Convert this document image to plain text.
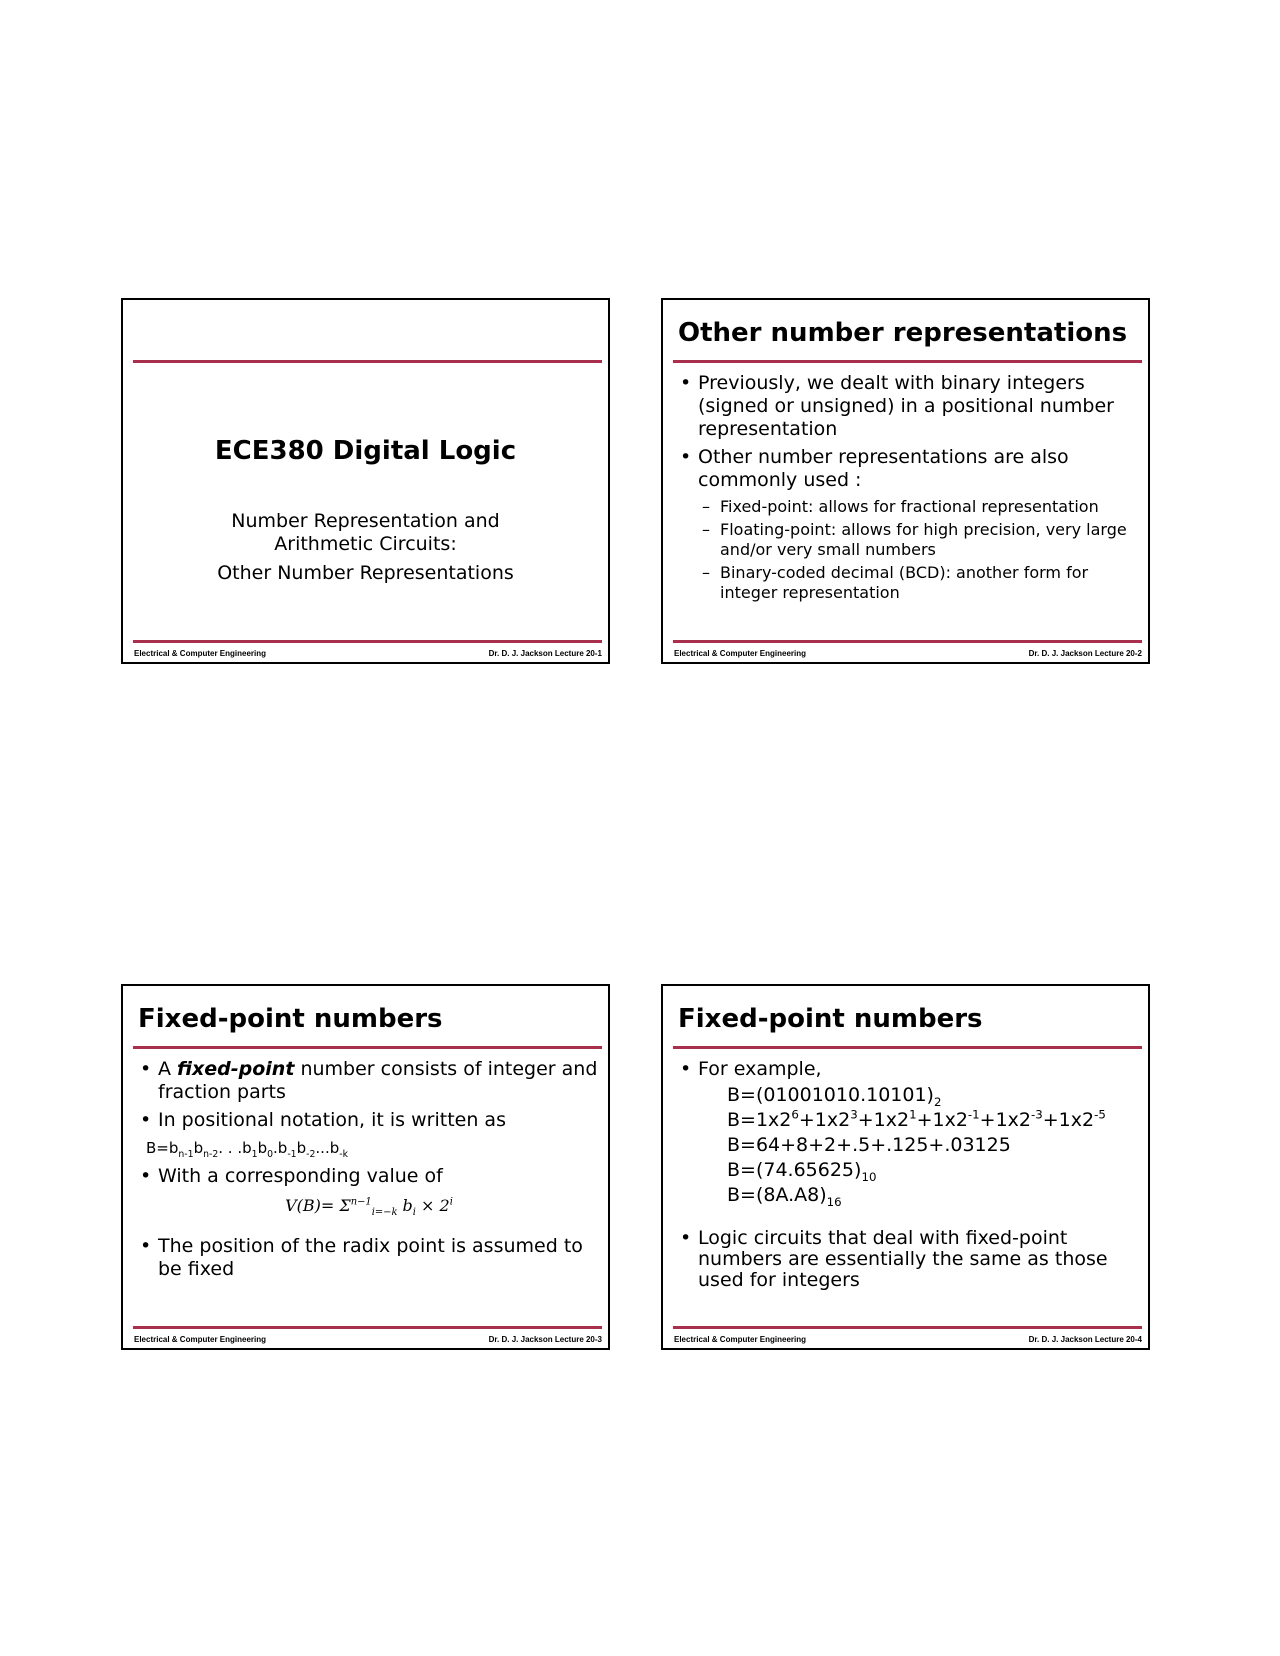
ECE380 Digital Logic
Number Representation and
Arithmetic Circuits:
Other Number Representations
Electrical & Computer Engineering	Dr. D. J. Jackson Lecture 20-1
Other number representations
• Previously, we dealt with binary integers (signed or unsigned) in a positional number representation
• Other number representations are also commonly used :
– Fixed-point: allows for fractional representation
– Floating-point: allows for high precision, very large and/or very small numbers
– Binary-coded decimal (BCD): another form for integer representation
Electrical & Computer Engineering	Dr. D. J. Jackson Lecture 20-2
Fixed-point numbers
• A fixed-point number consists of integer and fraction parts
• In positional notation, it is written as
$B=b_{n-1}b_{n-2}$. . $.b_1b_0.b_{-1}b_{-2}...b_{-k}$
• With a corresponding value of
$V(B)= \Sigma^{n-1}_{i=-k}$ $b_i \times 2^i$
• The position of the radix point is assumed to be fixed
Electrical & Computer Engineering	Dr. D. J. Jackson Lecture 20-3
Fixed-point numbers
• For example,
$B=(01001010.10101)_2$
$B=1x2^6+1x2^3+1x2^1+1x2^{-1}+1x2^{-3}+1x2^{-5}$
B=64+8+2+.5+.125+.03125
$B=(74.65625)_{10}$
$B=(8A.A8)_{16}$
• Logic circuits that deal with fixed-point numbers are essentially the same as those used for integers
Electrical & Computer Engineering	Dr. D. J. Jackson Lecture 20-4
